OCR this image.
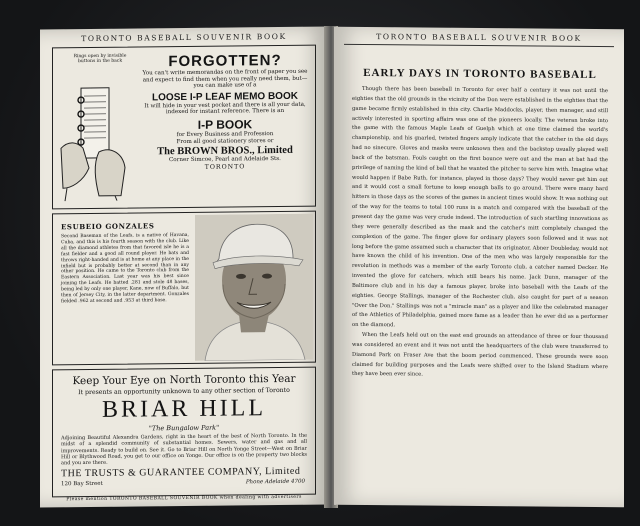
TORONTO BASEBALL SOUVENIR BOOK
Rings open by invisible buttons in the back	FORGOTTEN?
You can't write memorandas on the front of paper you see and expect to find them when you really need them, but—you can make use of a
LOOSE I-P LEAF MEMO BOOK
It will hide in your vest pocket and there is all your data, indexed for instant reference. There is an
I-P BOOK
for Every Business and Profession
From all good stationery stores or
The BROWN BROS., Limited
Corner Simcoe, Pearl and Adelaide Sts.
TORONTO
ESUBEIO GONZALES
Second Baseman of the Leafs, is a native of Havana, Cuba, and this is his fourth season with the club. Like all the diamond athletes from that favored isle he is a fast fielder and a good all round player. He bats and throws right-handed and is at home at any place in the infield but is probably better at second than in any other position. He came to the Toronto club from the Eastern Association. Last year was his best since joining the Leafs. He batted .281 and stole 48 bases, being led by only one player, Kane, now of Buffalo, but then of Jersey City, in the latter department. Gonzales fielded .962 at second and .953 at third base.
Keep Your Eye on North Toronto this Year
It presents an opportunity unknown to any other section of Toronto
BRIAR HILL
"The Bungalow Park"
Adjoining Beautiful Alexandra Gardens, right in the heart of the best of North Toronto. In the midst of a splendid community of substantial homes. Sewers, water and gas and all improvements. Ready to build on. See it. Go to Briar Hill on North Yonge Street—West on Briar Hill or Blythwood Road, you get to our office on Yonge. Our office is on the property two blocks and you are there.
THE TRUSTS & GUARANTEE COMPANY, Limited
120 Bay Street	Phone Adelaide 4700
Please mention TORONTO BASEBALL SOUVENIR BOOK when dealing with advertisers
TORONTO BASEBALL SOUVENIR BOOK
EARLY DAYS IN TORONTO BASEBALL

Though there has been baseball in Toronto for over half a century it was not until the eighties that the old grounds in the vicinity of the Don were established in the eighties that the game became firmly established in this city. Charlie Maddocks, player, then manager, and still actively interested in sporting affairs was one of the pioneers locally. The veteran broke into the game with the famous Maple Leafs of Guelph which at one time claimed the world's championship, and his gnarled, twisted fingers amply indicate that the catcher in the old days had no sinecure. Gloves and masks were unknown then and the backstop usually played well back of the batsman. Fouls caught on the first bounce were out and the man at bat had the privilege of naming the kind of ball that he wanted the pitcher to serve him with. Imagine what would happen if Babe Ruth, for instance, played in those days? They would never get him out and it would cost a small fortune to keep enough balls to go around. There were many hard hitters in those days as the scores of the games in ancient times would show. It was nothing out of the way for the teams to total 100 runs in a match and compared with the baseball of the present day the game was very crude indeed. The introduction of such startling innovations as they were generally described as the mask and the catcher's mitt completely changed the complexion of the game. The finger glove for ordinary players soon followed and it was not long before the game assumed such a character that its originator, Abner Doubleday, would not have known the child of his invention. One of the men who was largely responsible for the revolution in methods was a member of the early Toronto club, a catcher named Decker. He invented the glove for catchers, which still bears his name. Jack Dunn, manager of the Baltimore club and in his day a famous player, broke into baseball with the Leafs of the eighties. George Stallings, manager of the Rochester club, also caught for part of a season "Over the Don." Stallings was not a "miracle man" as a player and like the celebrated manager of the Athletics of Philadelphia, gained more fame as a leader than he ever did as a performer on the diamond.

When the Leafs held out on the east end grounds an attendance of three or four thousand was considered an event and it was not until the headquarters of the club were transferred to Diamond Park on Fraser Ave that the boom period commenced. These grounds were soon claimed for building purposes and the Leafs were shifted over to the Island Stadium where they have been ever since.
